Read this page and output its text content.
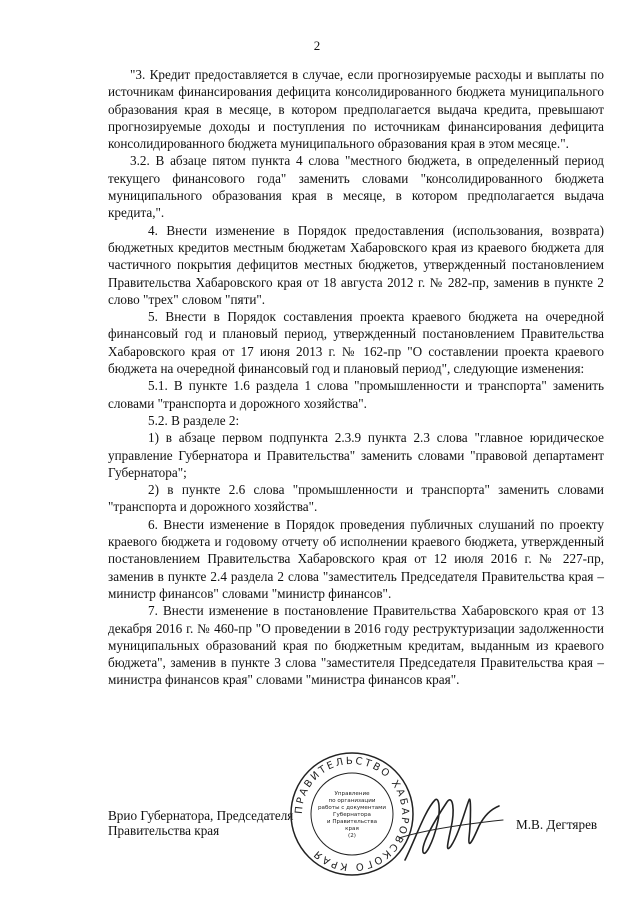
2

"3. Кредит предоставляется в случае, если прогнозируемые расходы и выплаты по источникам финансирования дефицита консолидированного бюджета муниципального образования края в месяце, в котором предполагается выдача кредита, превышают прогнозируемые доходы и поступления по источникам финансирования дефицита консолидированного бюджета муниципального образования края в этом месяце.".

3.2. В абзаце пятом пункта 4 слова "местного бюджета, в определенный период текущего финансового года" заменить словами "консолидированного бюджета муниципального образования края в месяце, в котором предполагается выдача кредита,".

4. Внести изменение в Порядок предоставления (использования, возврата) бюджетных кредитов местным бюджетам Хабаровского края из краевого бюджета для частичного покрытия дефицитов местных бюджетов, утвержденный постановлением Правительства Хабаровского края от 18 августа 2012 г. № 282-пр, заменив в пункте 2 слово "трех" словом "пяти".

5. Внести в Порядок составления проекта краевого бюджета на очередной финансовый год и плановый период, утвержденный постановлением Правительства Хабаровского края от 17 июня 2013 г. № 162-пр "О составлении проекта краевого бюджета на очередной финансовый год и плановый период", следующие изменения:

5.1. В пункте 1.6 раздела 1 слова "промышленности и транспорта" заменить словами "транспорта и дорожного хозяйства".

5.2. В разделе 2:

1) в абзаце первом подпункта 2.3.9 пункта 2.3 слова "главное юридическое управление Губернатора и Правительства" заменить словами "правовой департамент Губернатора";

2) в пункте 2.6 слова "промышленности и транспорта" заменить словами "транспорта и дорожного хозяйства".

6. Внести изменение в Порядок проведения публичных слушаний по проекту краевого бюджета и годовому отчету об исполнении краевого бюджета, утвержденный постановлением Правительства Хабаровского края от 12 июля 2016 г. № 227-пр, заменив в пункте 2.4 раздела 2 слова "заместитель Председателя Правительства края – министр финансов" словами "министр финансов".

7. Внести изменение в постановление Правительства Хабаровского края от 13 декабря 2016 г. № 460-пр "О проведении в 2016 году реструктуризации задолженности муниципальных образований края по бюджетным кредитам, выданным из краевого бюджета", заменив в пункте 3 слова "заместителя Председателя Правительства края – министра финансов края" словами "министра финансов края".

Врио Губернатора, Председателя
Правительства края
ПРАВИТЕЛЬСТВО ХАБАРОВСКОГО КРАЯ
Управление
по организации
работы с документами
Губернатора
и Правительства
края
(2)
М.В. Дегтярев
